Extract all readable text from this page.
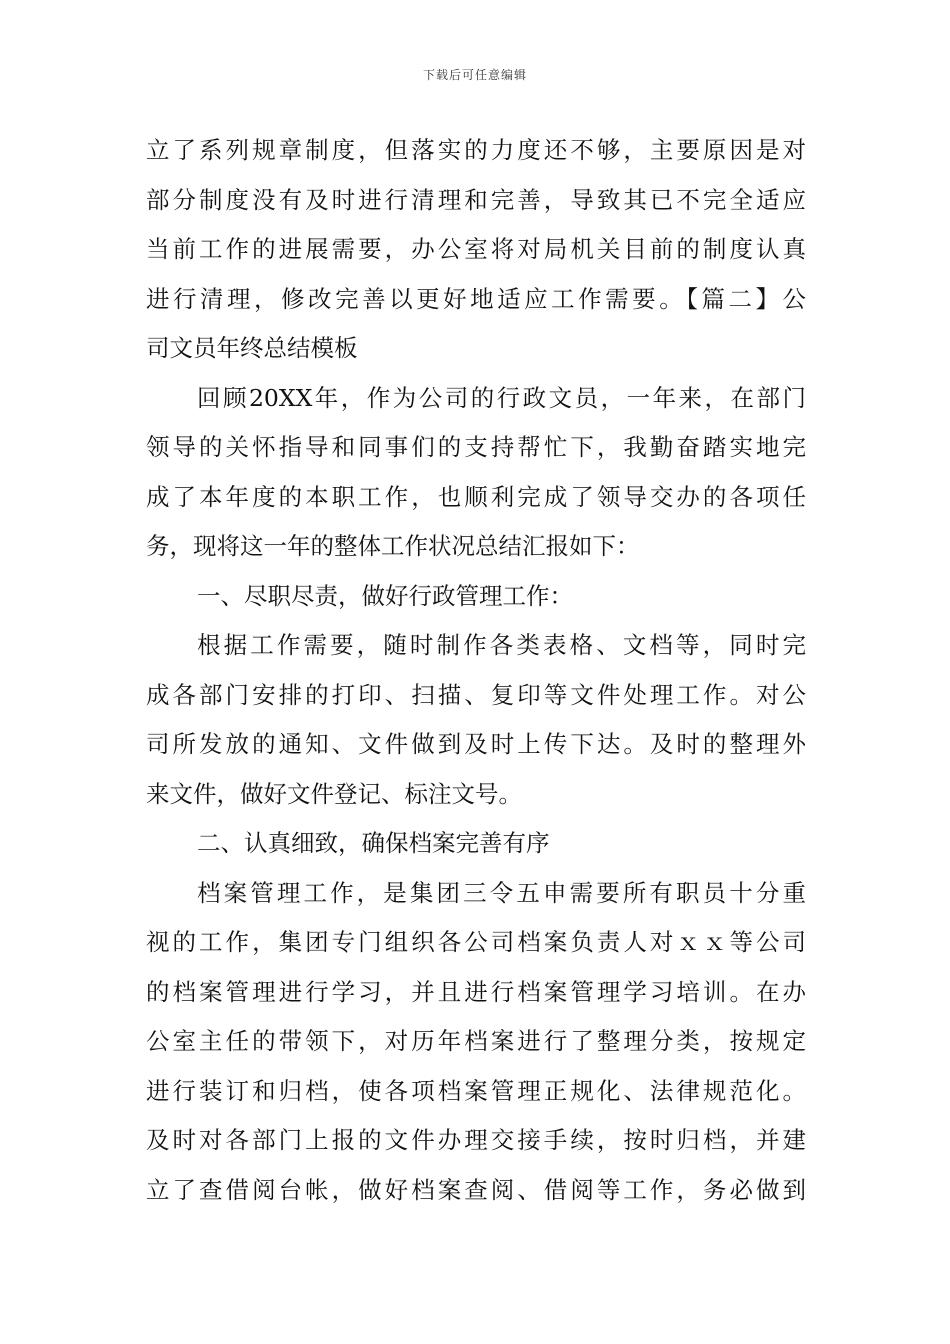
下载后可任意编辑
立了系列规章制度，但落实的力度还不够，主要原因是对
部分制度没有及时进行清理和完善，导致其已不完全适应
当前工作的进展需要，办公室将对局机关目前的制度认真
进行清理，修改完善以更好地适应工作需要。【篇二】公
司文员年终总结模板
回顾20XX年，作为公司的行政文员，一年来，在部门
领导的关怀指导和同事们的支持帮忙下，我勤奋踏实地完
成了本年度的本职工作，也顺利完成了领导交办的各项任
务，现将这一年的整体工作状况总结汇报如下：
一、尽职尽责，做好行政管理工作：
根据工作需要，随时制作各类表格、文档等，同时完
成各部门安排的打印、扫描、复印等文件处理工作。对公
司所发放的通知、文件做到及时上传下达。及时的整理外
来文件，做好文件登记、标注文号。
二、认真细致，确保档案完善有序
档案管理工作，是集团三令五申需要所有职员十分重
视的工作，集团专门组织各公司档案负责人对ｘｘ等公司
的档案管理进行学习，并且进行档案管理学习培训。在办
公室主任的带领下，对历年档案进行了整理分类，按规定
进行装订和归档，使各项档案管理正规化、法律规范化。
及时对各部门上报的文件办理交接手续，按时归档，并建
立了查借阅台帐，做好档案查阅、借阅等工作，务必做到
